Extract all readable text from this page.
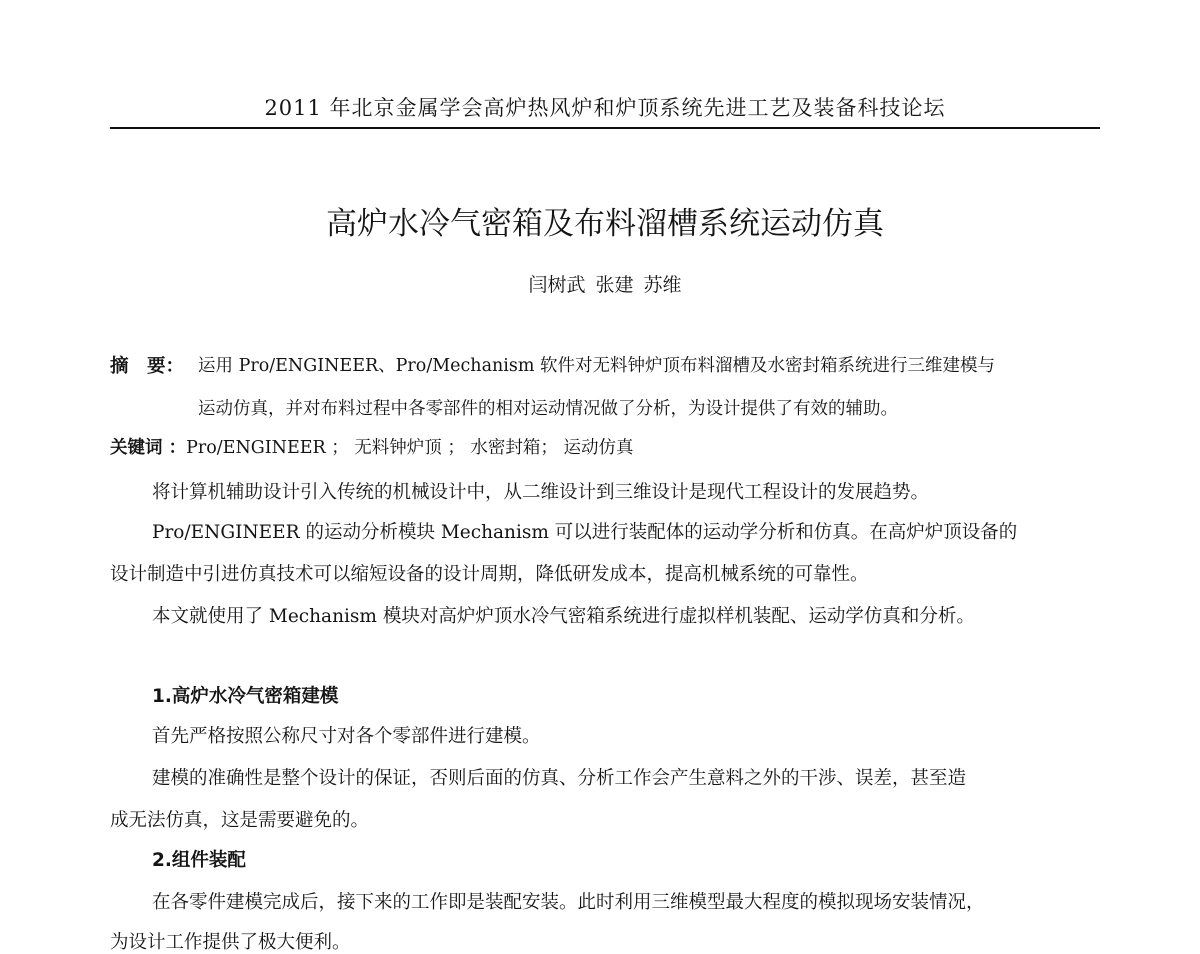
2011 年北京金属学会高炉热风炉和炉顶系统先进工艺及装备科技论坛
高炉水冷气密箱及布料溜槽系统运动仿真
闫树武 张建 苏维
摘　要： 运用 Pro/ENGINEER、Pro/Mechanism 软件对无料钟炉顶布料溜槽及水密封箱系统进行三维建模与
运动仿真，并对布料过程中各零部件的相对运动情况做了分析，为设计提供了有效的辅助。
关键词 ：Pro/ENGINEER ； 无料钟炉顶 ； 水密封箱； 运动仿真
将计算机辅助设计引入传统的机械设计中，从二维设计到三维设计是现代工程设计的发展趋势。
Pro/ENGINEER 的运动分析模块 Mechanism 可以进行装配体的运动学分析和仿真。在高炉炉顶设备的
设计制造中引进仿真技术可以缩短设备的设计周期，降低研发成本，提高机械系统的可靠性。
本文就使用了 Mechanism 模块对高炉炉顶水冷气密箱系统进行虚拟样机装配、运动学仿真和分析。
1.高炉水冷气密箱建模
首先严格按照公称尺寸对各个零部件进行建模。
建模的准确性是整个设计的保证，否则后面的仿真、分析工作会产生意料之外的干涉、误差，甚至造
成无法仿真，这是需要避免的。
2.组件装配
在各零件建模完成后，接下来的工作即是装配安装。此时利用三维模型最大程度的模拟现场安装情况，
为设计工作提供了极大便利。
